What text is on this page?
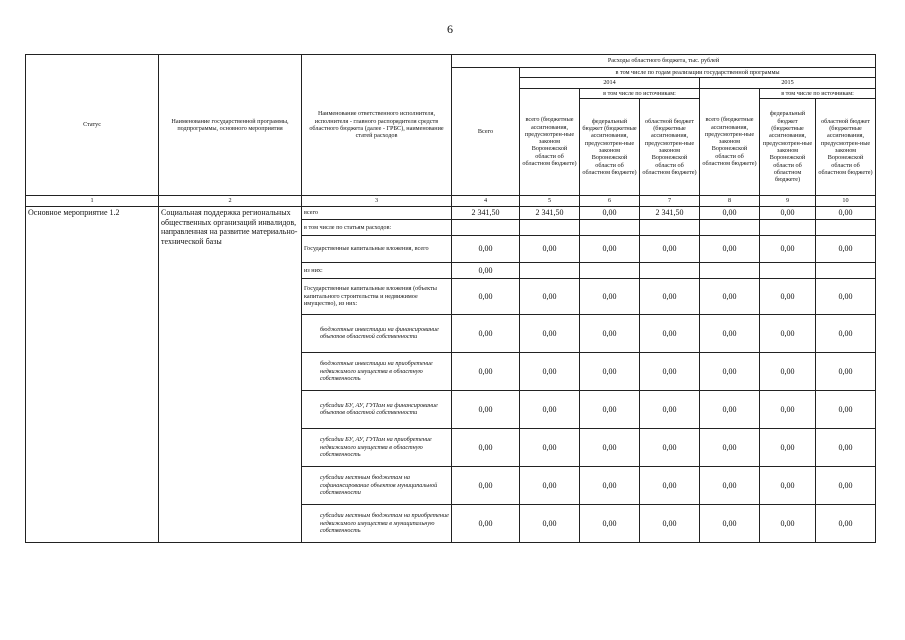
6
Статус	Наименование государственной программы, подпрограммы, основного мероприятия	Наименование ответственного исполнителя, исполнителя - главного распорядителя средств областного бюджета (далее - ГРБС), наименование статей расходов	Расходы областного бюджета, тыс. рублей						
			Всего	в том числе по годам реализации государственной программы					
				2014			2015		
				всего (бюджетные ассигнования, предусмотрен-ные законом Воронежской области об областном бюджете)	в том числе по источникам:		всего (бюджетные ассигнования, предусмотрен-ные законом Воронежской области об областном бюджете)	в том числе по источникам:	
					федеральный бюджет (бюджетные ассигнования, предусмотрен-ные законом Воронежской области об областном бюджете)	областной бюджет (бюджетные ассигнования, предусмотрен-ные законом Воронежской области об областном бюджете)		федеральный бюджет (бюджетные ассигнования, предусмотрен-ные законом Воронежской области об областном бюджете)	областной бюджет (бюджетные ассигнования, предусмотрен-ные законом Воронежской области об областном бюджете)
1	2	3	4	5	6	7	8	9	10
Основное мероприятие 1.2	Социальная поддержка региональных общественных организаций инвалидов, направленная на развитие материально-технической базы	всего	2 341,50	2 341,50	0,00	2 341,50	0,00	0,00	0,00
		в том числе по статьям расходов:							
		Государственные капитальные вложения, всего	0,00	0,00	0,00	0,00	0,00	0,00	0,00
		из них:	0,00						
		Государственные капитальные вложения (объекты капитального строительства и недвижимое имущество), из них:	0,00	0,00	0,00	0,00	0,00	0,00	0,00
		бюджетные инвестиции на финансирование объектов областной собственности	0,00	0,00	0,00	0,00	0,00	0,00	0,00
		бюджетные инвестиции на приобретение недвижимого имущества в областную собственность	0,00	0,00	0,00	0,00	0,00	0,00	0,00
		субсидии БУ, АУ, ГУПам на финансирование объектов областной собственности	0,00	0,00	0,00	0,00	0,00	0,00	0,00
		субсидии БУ, АУ, ГУПам на приобретение недвижимого имущества в областную собственность	0,00	0,00	0,00	0,00	0,00	0,00	0,00
		субсидии местным бюджетам на софинансирование объектов муниципальной собственности	0,00	0,00	0,00	0,00	0,00	0,00	0,00
		субсидии местным бюджетам на приобретение недвижимого имущества в муниципальную собственность	0,00	0,00	0,00	0,00	0,00	0,00	0,00
